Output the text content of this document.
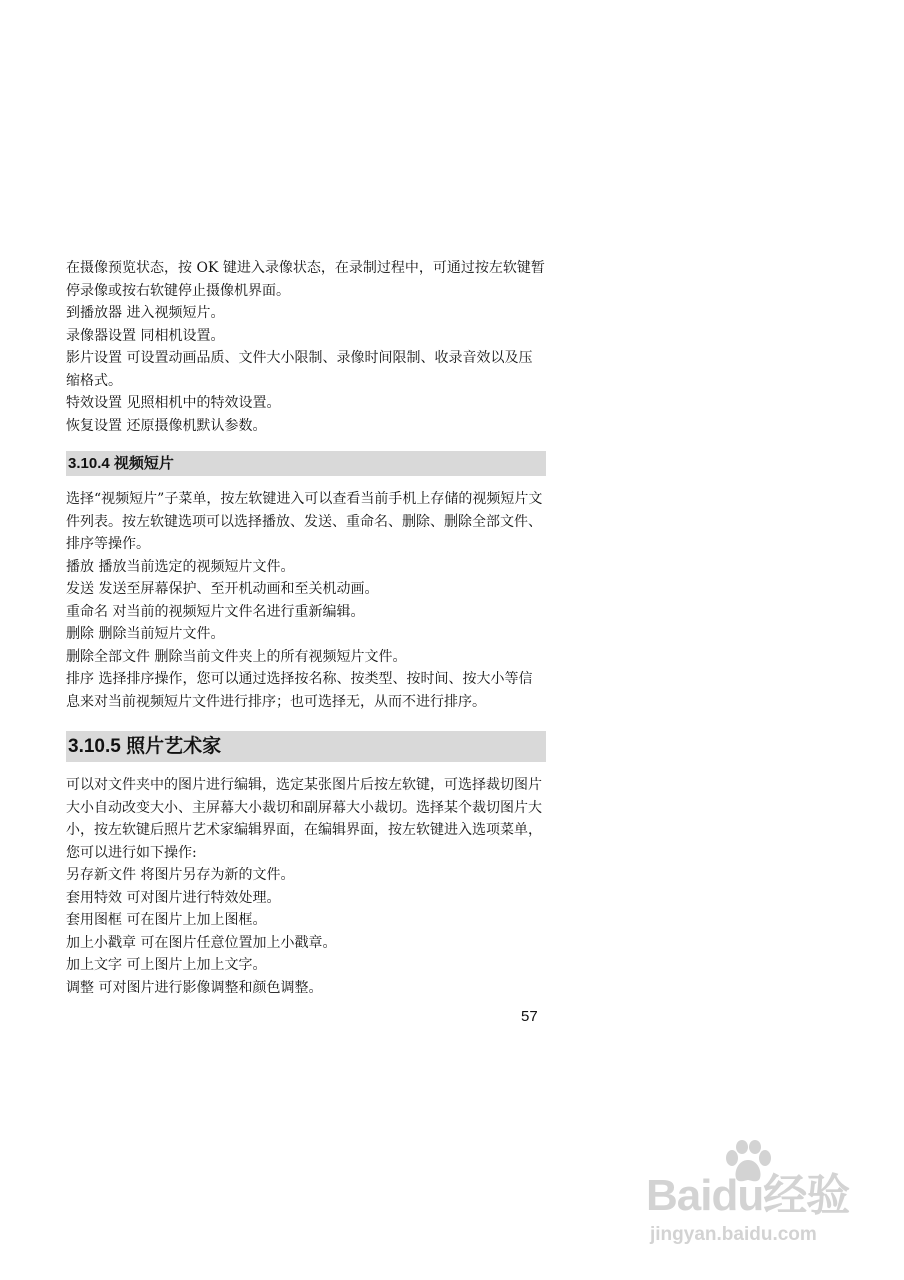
在摄像预览状态，按 OK 键进入录像状态，在录制过程中，可通过按左软键暂停录像或按右软键停止摄像机界面。

到播放器 进入视频短片。

录像器设置 同相机设置。

影片设置 可设置动画品质、文件大小限制、录像时间限制、收录音效以及压缩格式。

特效设置 见照相机中的特效设置。

恢复设置 还原摄像机默认参数。

3.10.4 视频短片

选择“视频短片”子菜单，按左软键进入可以查看当前手机上存储的视频短片文件列表。按左软键选项可以选择播放、发送、重命名、删除、删除全部文件、排序等操作。

播放 播放当前选定的视频短片文件。

发送 发送至屏幕保护、至开机动画和至关机动画。

重命名 对当前的视频短片文件名进行重新编辑。

删除 删除当前短片文件。

删除全部文件 删除当前文件夹上的所有视频短片文件。

排序 选择排序操作，您可以通过选择按名称、按类型、按时间、按大小等信息来对当前视频短片文件进行排序；也可选择无，从而不进行排序。

3.10.5 照片艺术家

可以对文件夹中的图片进行编辑，选定某张图片后按左软键，可选择裁切图片大小自动改变大小、主屏幕大小裁切和副屏幕大小裁切。选择某个裁切图片大小，按左软键后照片艺术家编辑界面，在编辑界面，按左软键进入选项菜单，您可以进行如下操作:

另存新文件 将图片另存为新的文件。

套用特效 可对图片进行特效处理。

套用图框 可在图片上加上图框。

加上小戳章 可在图片任意位置加上小戳章。

加上文字 可上图片上加上文字。

调整 可对图片进行影像调整和颜色调整。

57
Baidu经验
jingyan.baidu.com
